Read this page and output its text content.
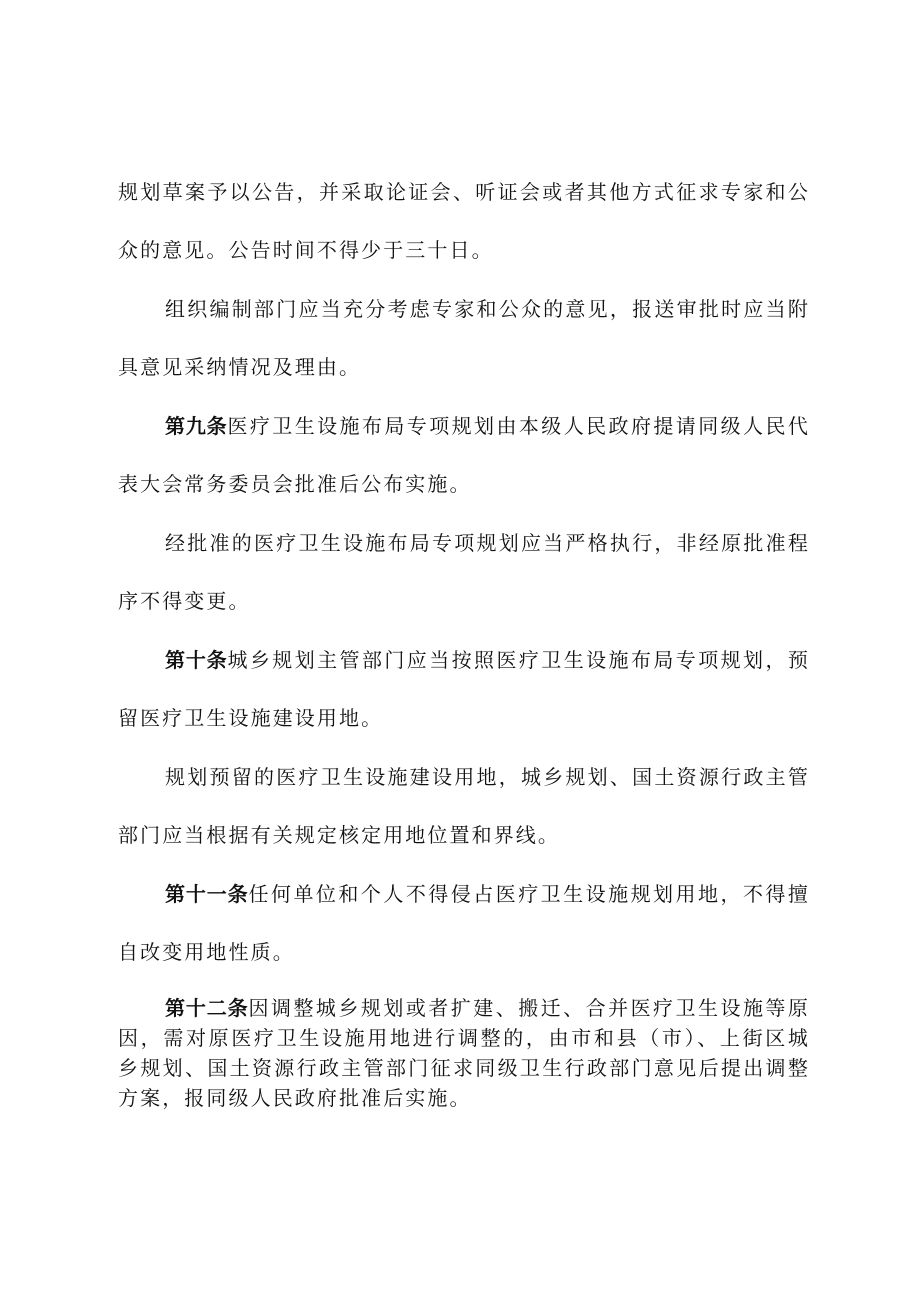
规划草案予以公告，并采取论证会、听证会或者其他方式征求专家和公众的意见。公告时间不得少于三十日。

组织编制部门应当充分考虑专家和公众的意见，报送审批时应当附具意见采纳情况及理由。

第九条医疗卫生设施布局专项规划由本级人民政府提请同级人民代表大会常务委员会批准后公布实施。

经批准的医疗卫生设施布局专项规划应当严格执行，非经原批准程序不得变更。

第十条城乡规划主管部门应当按照医疗卫生设施布局专项规划，预留医疗卫生设施建设用地。

规划预留的医疗卫生设施建设用地，城乡规划、国土资源行政主管部门应当根据有关规定核定用地位置和界线。

第十一条任何单位和个人不得侵占医疗卫生设施规划用地，不得擅自改变用地性质。

第十二条因调整城乡规划或者扩建、搬迁、合并医疗卫生设施等原因，需对原医疗卫生设施用地进行调整的，由市和县（市）、上街区城乡规划、国土资源行政主管部门征求同级卫生行政部门意见后提出调整方案，报同级人民政府批准后实施。
